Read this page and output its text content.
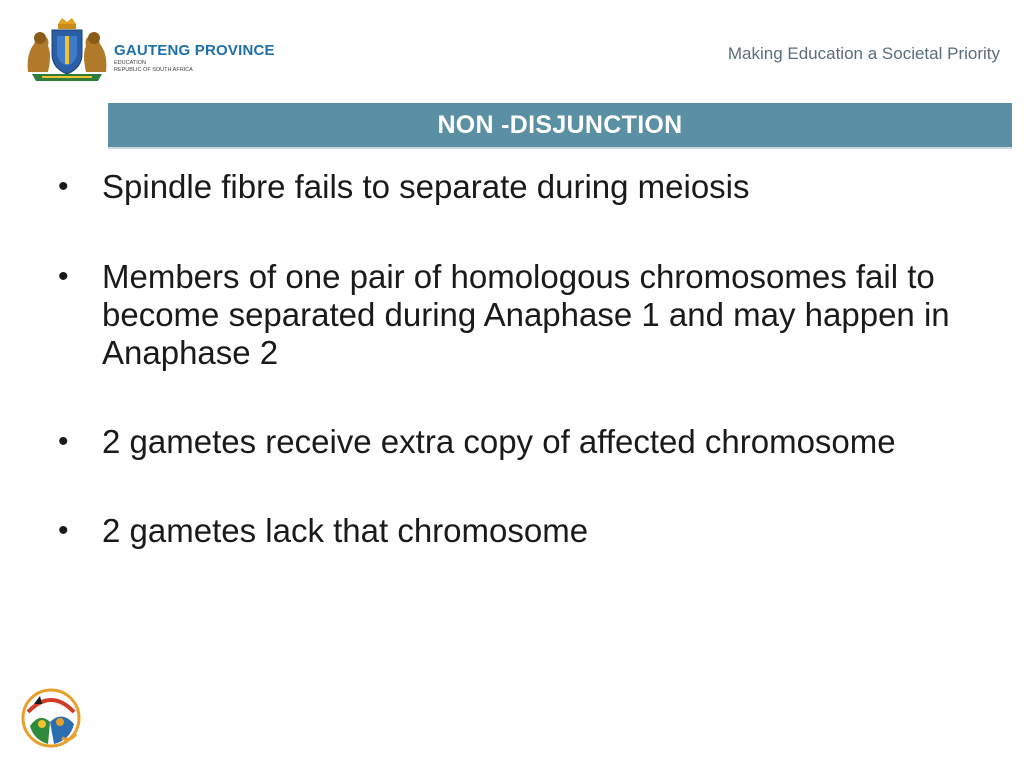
GAUTENG PROVINCE
EDUCATION
REPUBLIC OF SOUTH AFRICA
Making Education a Societal Priority
NON -DISJUNCTION
• Spindle fibre fails to separate during meiosis
• Members of one pair of homologous chromosomes fail to become separated during Anaphase 1 and may happen in Anaphase 2
• 2 gametes receive extra copy of affected chromosome
• 2 gametes lack that chromosome
